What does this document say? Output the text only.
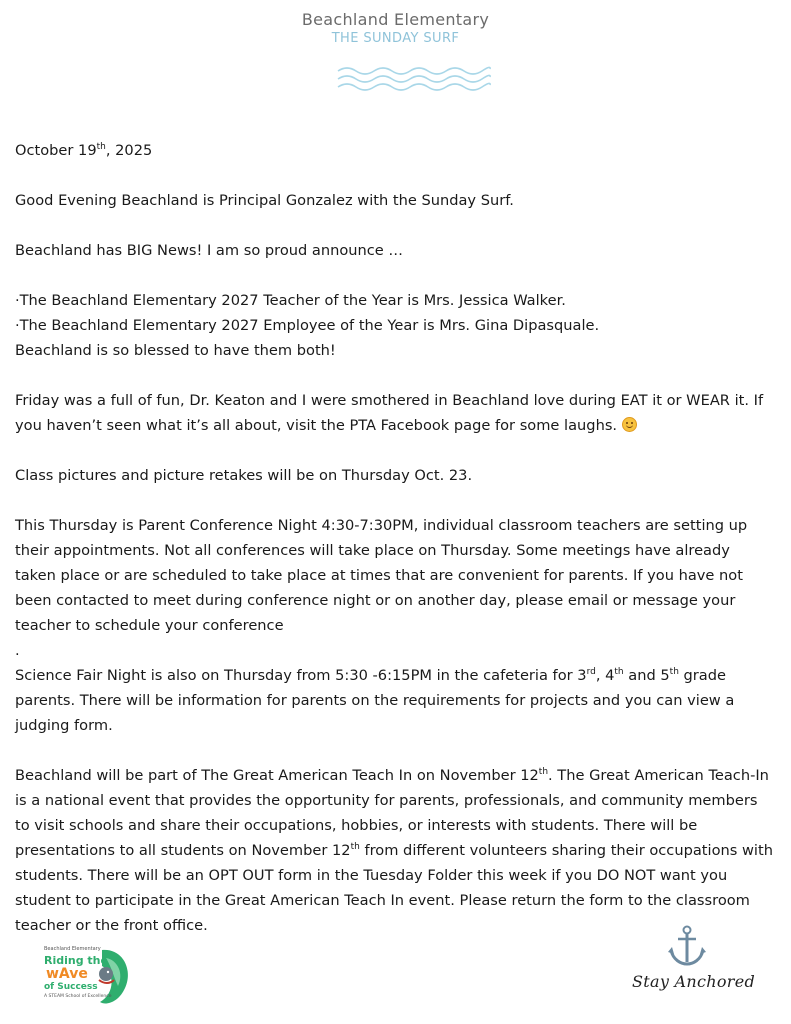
Beachland Elementary
THE SUNDAY SURF

October 19th, 2025

Good Evening Beachland is Principal Gonzalez with the Sunday Surf.

Beachland has BIG News! I am so proud announce …

·The Beachland Elementary 2027 Teacher of the Year is Mrs. Jessica Walker.

·The Beachland Elementary 2027 Employee of the Year is Mrs. Gina Dipasquale.

Beachland is so blessed to have them both!

Friday was a full of fun, Dr. Keaton and I were smothered in Beachland love during EAT it or WEAR it. If you haven’t seen what it’s all about, visit the PTA Facebook page for some laughs.

Class pictures and picture retakes will be on Thursday Oct. 23.

This Thursday is Parent Conference Night 4:30-7:30PM, individual classroom teachers are setting up their appointments. Not all conferences will take place on Thursday. Some meetings have already taken place or are scheduled to take place at times that are convenient for parents. If you have not been contacted to meet during conference night or on another day, please email or message your teacher to schedule your conference

.

Science Fair Night is also on Thursday from 5:30 -6:15PM in the cafeteria for 3rd, 4th and 5th grade parents. There will be information for parents on the requirements for projects and you can view a judging form.

Beachland will be part of The Great American Teach In on November 12th. The Great American Teach-In is a national event that provides the opportunity for parents, professionals, and community members to visit schools and share their occupations, hobbies, or interests with students. There will be presentations to all students on November 12th from different volunteers sharing their occupations with students. There will be an OPT OUT form in the Tuesday Folder this week if you DO NOT want you student to participate in the Great American Teach In event. Please return the form to the classroom teacher or the front office.

Beachland Elementary
Riding the
wAve
of Success
A STEAM School of Excellence
Stay Anchored
